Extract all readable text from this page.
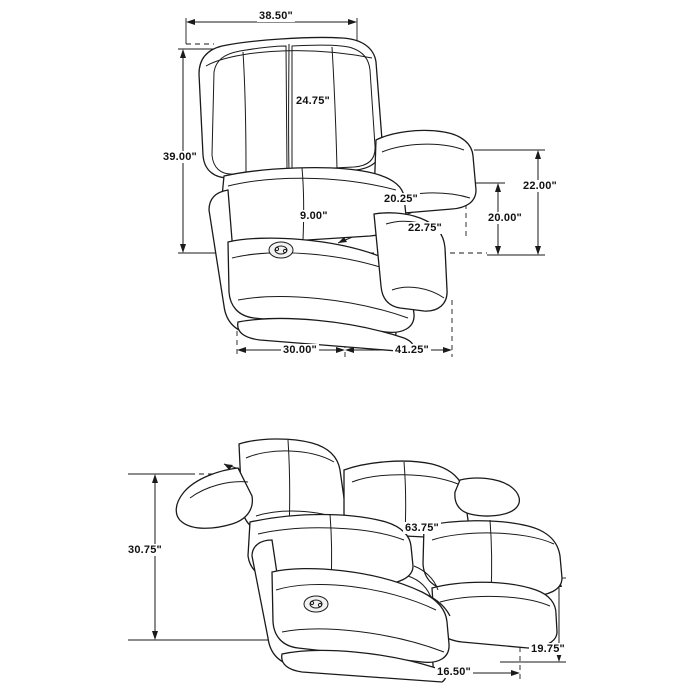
38.50"
24.75"
39.00"
20.25"
22.00"
20.00"
9.00"
22.75"
30.00"	41.25"
30.75"
63.75"
19.75"
16.50"
